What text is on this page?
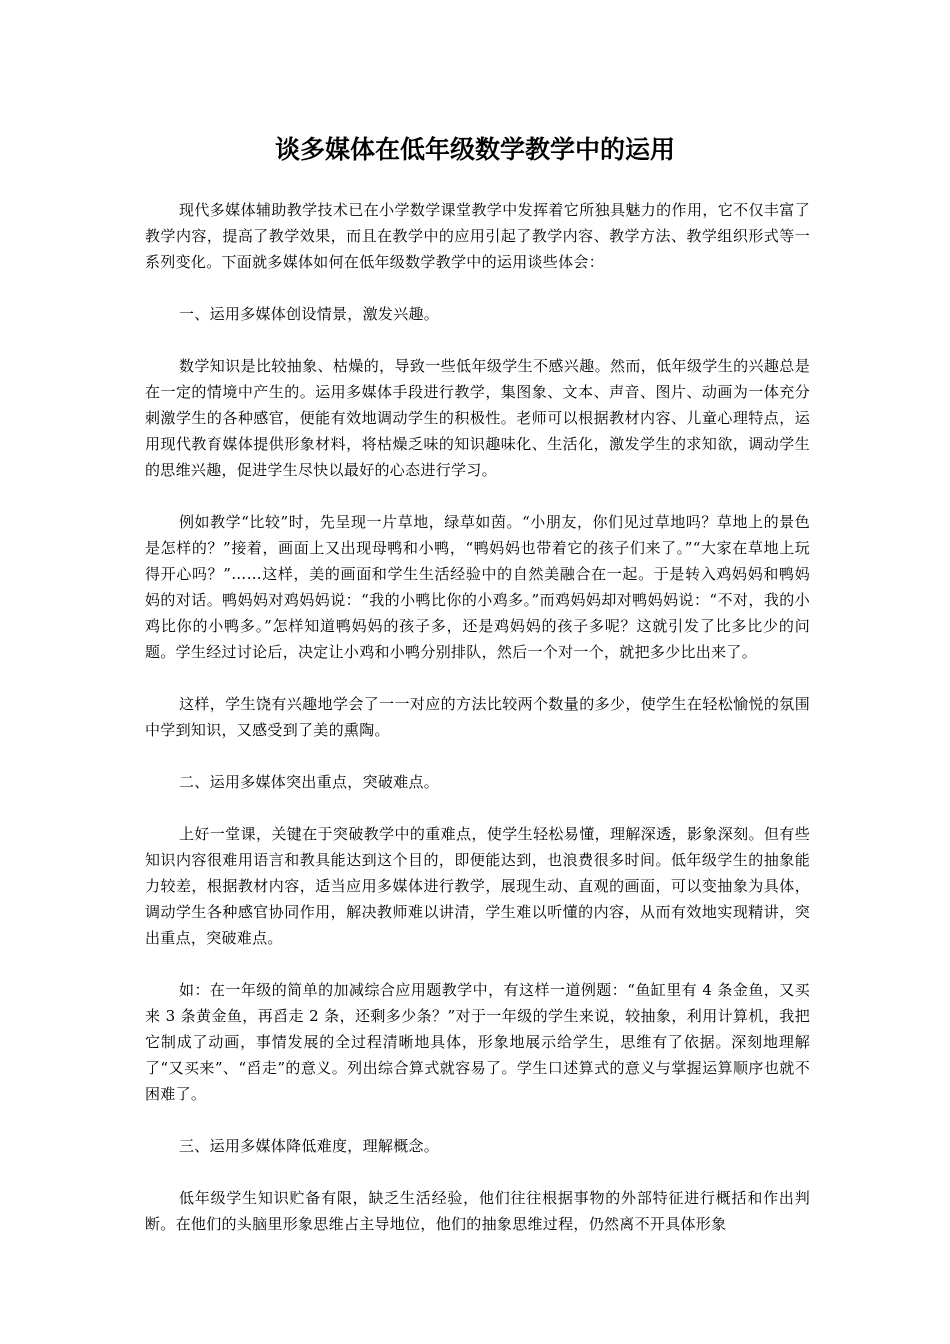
谈多媒体在低年级数学教学中的运用

现代多媒体辅助教学技术已在小学数学课堂教学中发挥着它所独具魅力的作用，它不仅丰富了教学内容，提高了教学效果，而且在教学中的应用引起了教学内容、教学方法、教学组织形式等一系列变化。下面就多媒体如何在低年级数学教学中的运用谈些体会：

一、运用多媒体创设情景，激发兴趣。

数学知识是比较抽象、枯燥的，导致一些低年级学生不感兴趣。然而，低年级学生的兴趣总是在一定的情境中产生的。运用多媒体手段进行教学，集图象、文本、声音、图片、动画为一体充分刺激学生的各种感官，便能有效地调动学生的积极性。老师可以根据教材内容、儿童心理特点，运用现代教育媒体提供形象材料，将枯燥乏味的知识趣味化、生活化，激发学生的求知欲，调动学生的思维兴趣，促进学生尽快以最好的心态进行学习。

例如教学“比较”时，先呈现一片草地，绿草如茵。“小朋友，你们见过草地吗？草地上的景色是怎样的？”接着，画面上又出现母鸭和小鸭，“鸭妈妈也带着它的孩子们来了。”“大家在草地上玩得开心吗？”……这样，美的画面和学生生活经验中的自然美融合在一起。于是转入鸡妈妈和鸭妈妈的对话。鸭妈妈对鸡妈妈说：“我的小鸭比你的小鸡多。”而鸡妈妈却对鸭妈妈说：“不对，我的小鸡比你的小鸭多。”怎样知道鸭妈妈的孩子多，还是鸡妈妈的孩子多呢？这就引发了比多比少的问题。学生经过讨论后，决定让小鸡和小鸭分别排队，然后一个对一个，就把多少比出来了。

这样，学生饶有兴趣地学会了一一对应的方法比较两个数量的多少，使学生在轻松愉悦的氛围中学到知识，又感受到了美的熏陶。

二、运用多媒体突出重点，突破难点。

上好一堂课，关键在于突破教学中的重难点，使学生轻松易懂，理解深透，影象深刻。但有些知识内容很难用语言和教具能达到这个目的，即便能达到，也浪费很多时间。低年级学生的抽象能力较差，根据教材内容，适当应用多媒体进行教学，展现生动、直观的画面，可以变抽象为具体，调动学生各种感官协同作用，解决教师难以讲清，学生难以听懂的内容，从而有效地实现精讲，突出重点，突破难点。

如：在一年级的简单的加减综合应用题教学中，有这样一道例题：“鱼缸里有 4 条金鱼，又买来 3 条黄金鱼，再舀走 2 条，还剩多少条？”对于一年级的学生来说，较抽象，利用计算机，我把它制成了动画，事情发展的全过程清晰地具体，形象地展示给学生，思维有了依据。深刻地理解了“又买来”、“舀走”的意义。列出综合算式就容易了。学生口述算式的意义与掌握运算顺序也就不困难了。

三、运用多媒体降低难度，理解概念。

低年级学生知识贮备有限，缺乏生活经验，他们往往根据事物的外部特征进行概括和作出判断。在他们的头脑里形象思维占主导地位，他们的抽象思维过程，仍然离不开具体形象
